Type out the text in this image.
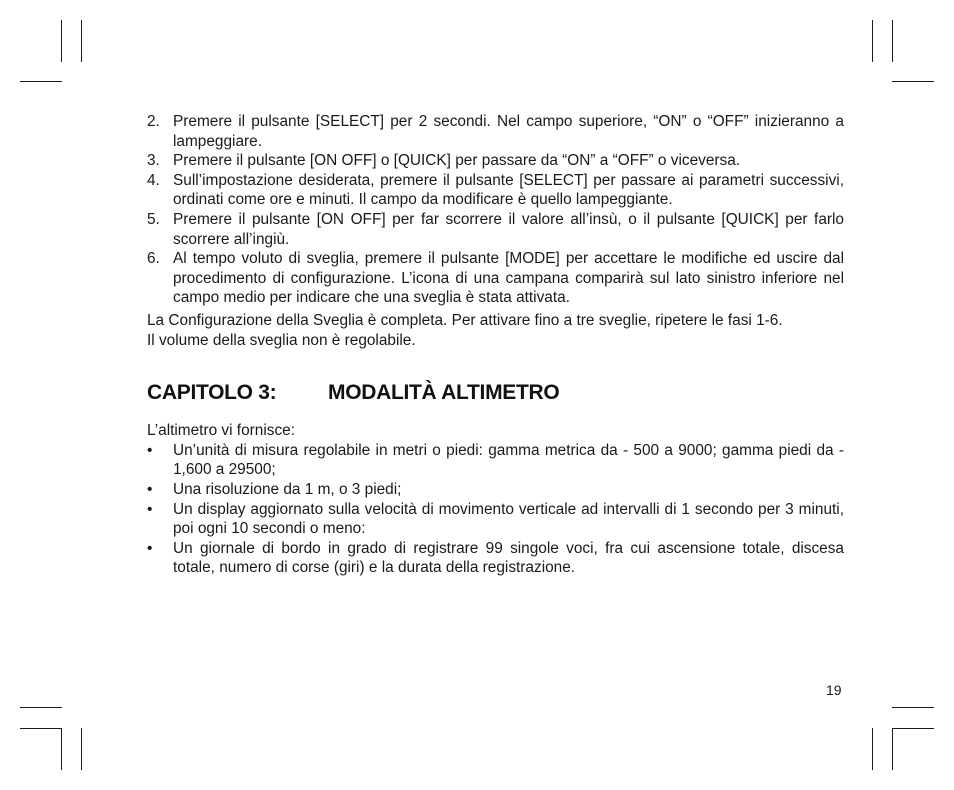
2. Premere il pulsante [SELECT] per 2 secondi. Nel campo superiore, “ON” o “OFF” inizieranno a lampeggiare.
3. Premere il pulsante [ON OFF] o [QUICK] per passare da “ON” a “OFF” o viceversa.
4. Sull’impostazione desiderata, premere il pulsante [SELECT] per passare ai parametri successivi, ordinati come ore e minuti. Il campo da modificare è quello lampeggiante.
5. Premere il pulsante [ON OFF] per far scorrere il valore all’insù, o il pulsante [QUICK] per farlo scorrere all’ingiù.
6. Al tempo voluto di sveglia, premere il pulsante [MODE] per accettare le modifiche ed uscire dal procedimento di configurazione. L’icona di una campana comparirà sul lato sinistro inferiore nel campo medio per indicare che una sveglia è stata attivata.

La Configurazione della Sveglia è completa. Per attivare fino a tre sveglie, ripetere le fasi 1-6.

Il volume della sveglia non è regolabile.

CAPITOLO 3: MODALITÀ ALTIMETRO

L’altimetro vi fornisce:

• Un’unità di misura regolabile in metri o piedi: gamma metrica da - 500 a 9000; gamma piedi da - 1,600 a 29500;
• Una risoluzione da 1 m, o 3 piedi;
• Un display aggiornato sulla velocità di movimento verticale ad intervalli di 1 secondo per 3 minuti, poi ogni 10 secondi o meno:
• Un giornale di bordo in grado di registrare 99 singole voci, fra cui ascensione totale, discesa totale, numero di corse (giri) e la durata della registrazione.
19
